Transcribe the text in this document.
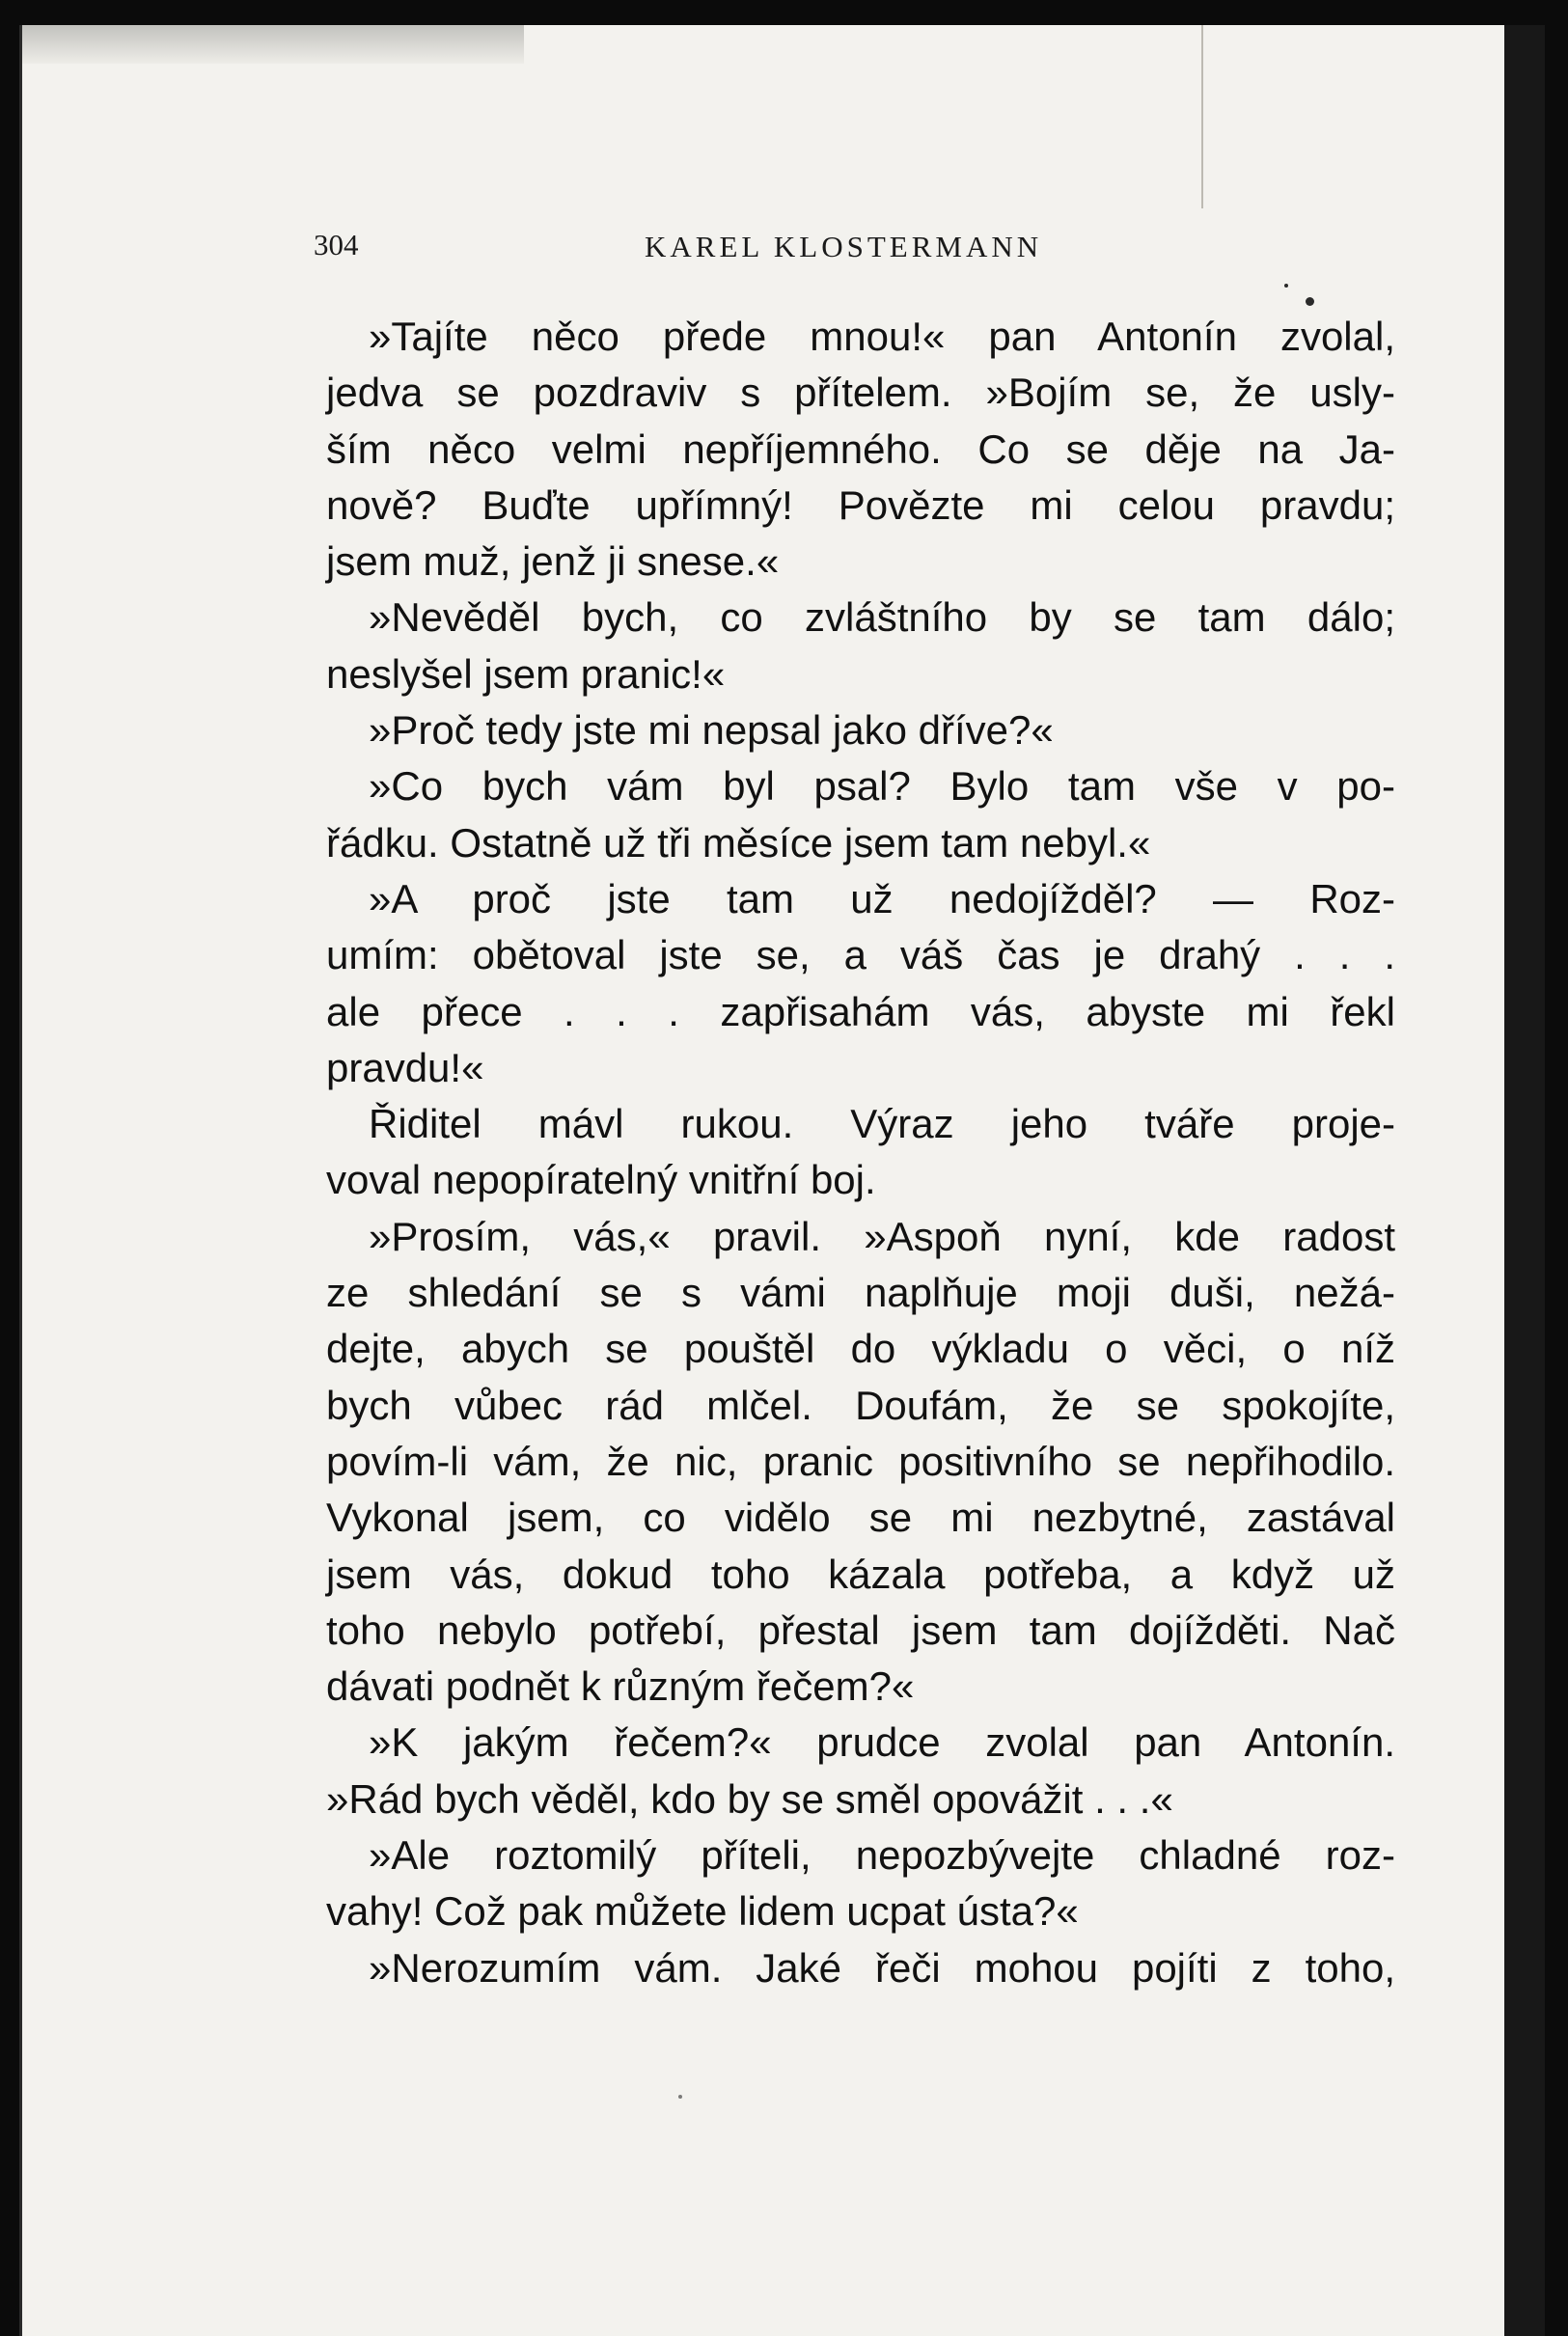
304	KAREL KLOSTERMANN
»Tajíte něco přede mnou!« pan Antonín zvolal,
jedva se pozdraviv s přítelem. »Bojím se, že usly-
ším něco velmi nepříjemného. Co se děje na Ja-
nově? Buďte upřímný! Povězte mi celou pravdu;
jsem muž, jenž ji snese.«
»Nevěděl bych, co zvláštního by se tam dálo;
neslyšel jsem pranic!«
»Proč tedy jste mi nepsal jako dříve?«
»Co bych vám byl psal? Bylo tam vše v po-
řádku. Ostatně už tři měsíce jsem tam nebyl.«
»A proč jste tam už nedojížděl? — Roz-
umím: obětoval jste se, a váš čas je drahý . . .
ale přece . . . zapřisahám vás, abyste mi řekl
pravdu!«
Řiditel mávl rukou. Výraz jeho tváře proje-
voval nepopíratelný vnitřní boj.
»Prosím, vás,« pravil. »Aspoň nyní, kde radost
ze shledání se s vámi naplňuje moji duši, nežá-
dejte, abych se pouštěl do výkladu o věci, o níž
bych vůbec rád mlčel. Doufám, že se spokojíte,
povím-li vám, že nic, pranic positivního se nepřihodilo.
Vykonal jsem, co vidělo se mi nezbytné, zastával
jsem vás, dokud toho kázala potřeba, a když už
toho nebylo potřebí, přestal jsem tam dojížděti. Nač
dávati podnět k různým řečem?«
»K jakým řečem?« prudce zvolal pan Antonín.
»Rád bych věděl, kdo by se směl opovážit . . .«
»Ale roztomilý příteli, nepozbývejte chladné roz-
vahy! Což pak můžete lidem ucpat ústa?«
»Nerozumím vám. Jaké řeči mohou pojíti z toho,
